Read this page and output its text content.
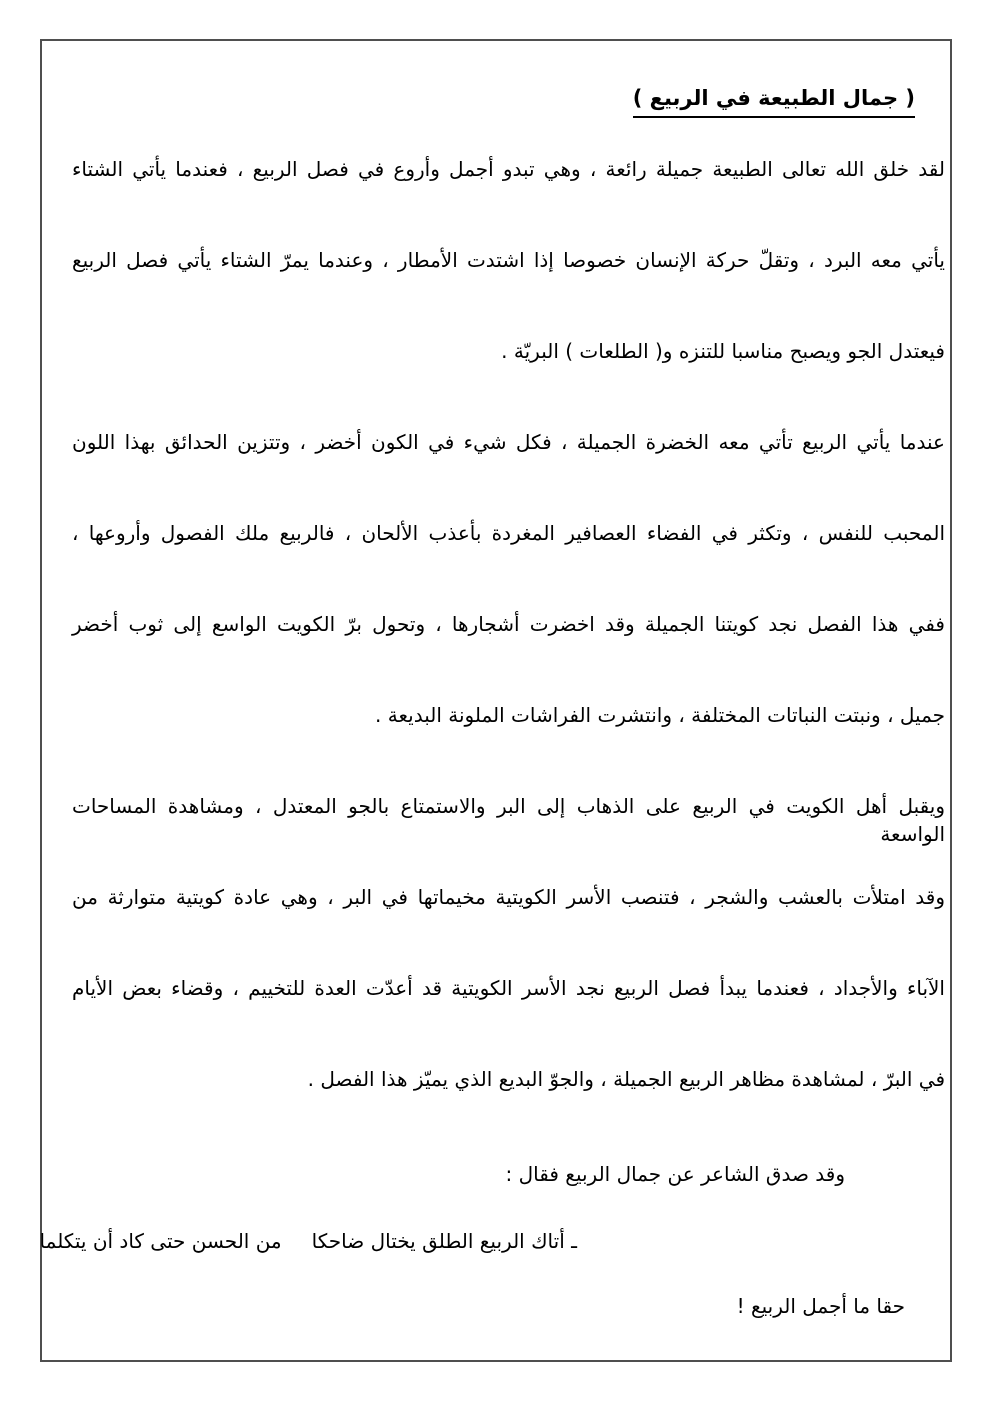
( جمال الطبيعة في الربيع )
لقد خلق الله تعالى الطبيعة جميلة رائعة ، وهي تبدو أجمل وأروع في فصل الربيع ، فعندما يأتي الشتاء
يأتي معه البرد ، وتقلّ حركة الإنسان خصوصا إذا اشتدت الأمطار ، وعندما يمرّ الشتاء يأتي فصل الربيع
فيعتدل الجو ويصبح مناسبا للتنزه و( الطلعات ) البريّة .
عندما يأتي الربيع تأتي معه الخضرة الجميلة ، فكل شيء في الكون أخضر ، وتتزين الحدائق بهذا اللون
المحبب للنفس ، وتكثر في الفضاء العصافير المغردة بأعذب الألحان ، فالربيع ملك الفصول وأروعها ،
ففي هذا الفصل نجد كويتنا الجميلة وقد اخضرت أشجارها ، وتحول برّ الكويت الواسع إلى ثوب أخضر
جميل ، ونبتت النباتات المختلفة ، وانتشرت الفراشات الملونة البديعة .
ويقبل أهل الكويت في الربيع على الذهاب إلى البر والاستمتاع بالجو المعتدل ، ومشاهدة المساحات الواسعة
وقد امتلأت بالعشب والشجر ، فتنصب الأسر الكويتية مخيماتها في البر ، وهي عادة كويتية متوارثة من
الآباء والأجداد ، فعندما يبدأ فصل الربيع نجد الأسر الكويتية قد أعدّت العدة للتخييم ، وقضاء بعض الأيام
في البرّ ، لمشاهدة مظاهر الربيع الجميلة ، والجوّ البديع الذي يميّز هذا الفصل .
وقد صدق الشاعر عن جمال الربيع فقال :
ـ أتاك الربيع الطلق يختال ضاحكا
من الحسن حتى كاد أن يتكلما
حقا ما أجمل الربيع !
